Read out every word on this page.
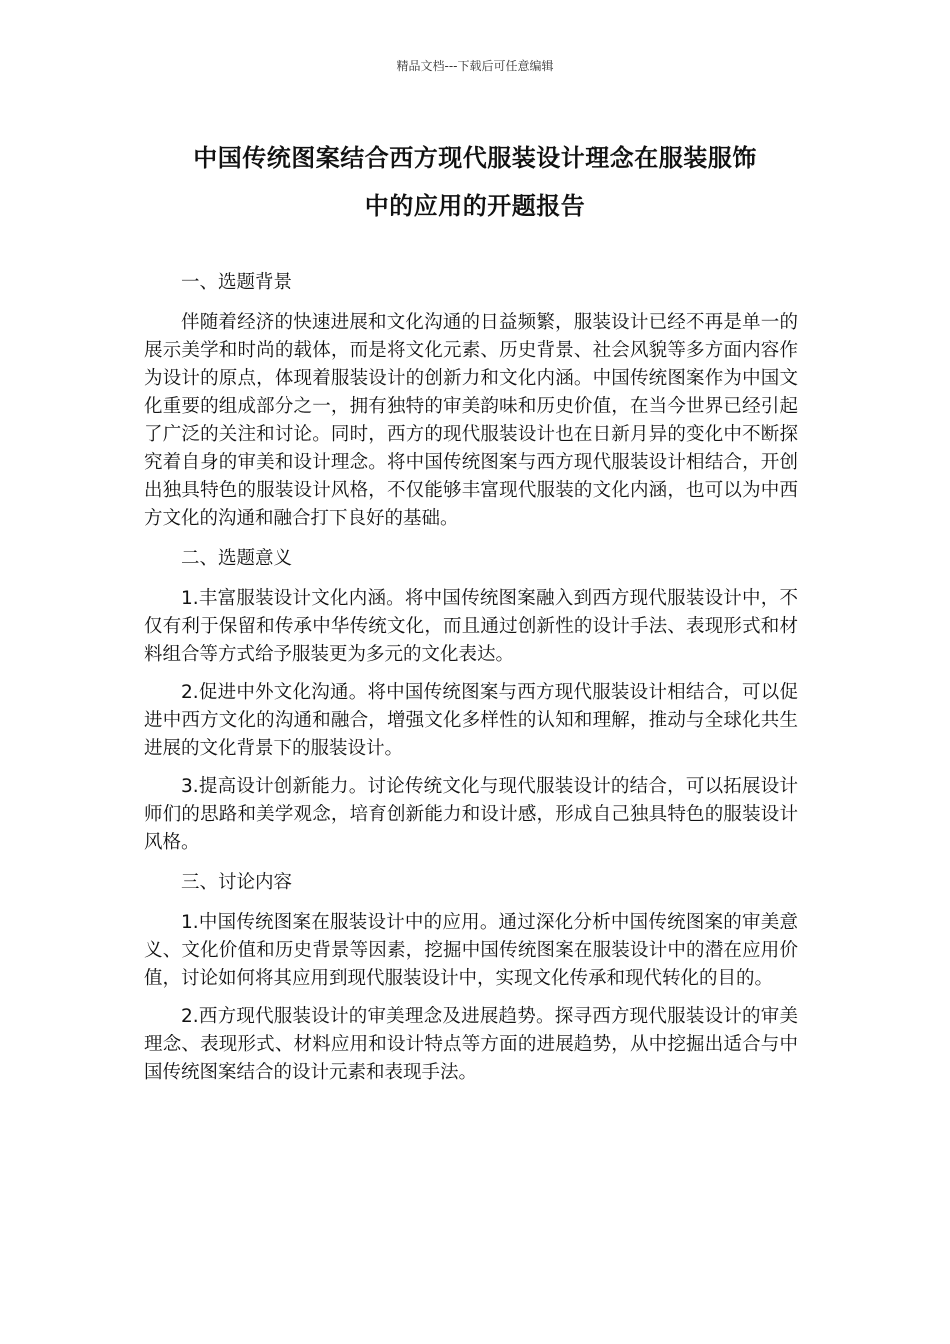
精品文档---下载后可任意编辑
中国传统图案结合西方现代服装设计理念在服装服饰
中的应用的开题报告

一、选题背景

伴随着经济的快速进展和文化沟通的日益频繁，服装设计已经不再是单一的展示美学和时尚的载体，而是将文化元素、历史背景、社会风貌等多方面内容作为设计的原点，体现着服装设计的创新力和文化内涵。中国传统图案作为中国文化重要的组成部分之一，拥有独特的审美韵味和历史价值，在当今世界已经引起了广泛的关注和讨论。同时，西方的现代服装设计也在日新月异的变化中不断探究着自身的审美和设计理念。将中国传统图案与西方现代服装设计相结合，开创出独具特色的服装设计风格，不仅能够丰富现代服装的文化内涵，也可以为中西方文化的沟通和融合打下良好的基础。

二、选题意义

1.丰富服装设计文化内涵。将中国传统图案融入到西方现代服装设计中，不仅有利于保留和传承中华传统文化，而且通过创新性的设计手法、表现形式和材料组合等方式给予服装更为多元的文化表达。

2.促进中外文化沟通。将中国传统图案与西方现代服装设计相结合，可以促进中西方文化的沟通和融合，增强文化多样性的认知和理解，推动与全球化共生进展的文化背景下的服装设计。

3.提高设计创新能力。讨论传统文化与现代服装设计的结合，可以拓展设计师们的思路和美学观念，培育创新能力和设计感，形成自己独具特色的服装设计风格。

三、讨论内容

1.中国传统图案在服装设计中的应用。通过深化分析中国传统图案的审美意义、文化价值和历史背景等因素，挖掘中国传统图案在服装设计中的潜在应用价值，讨论如何将其应用到现代服装设计中，实现文化传承和现代转化的目的。

2.西方现代服装设计的审美理念及进展趋势。探寻西方现代服装设计的审美理念、表现形式、材料应用和设计特点等方面的进展趋势，从中挖掘出适合与中国传统图案结合的设计元素和表现手法。
